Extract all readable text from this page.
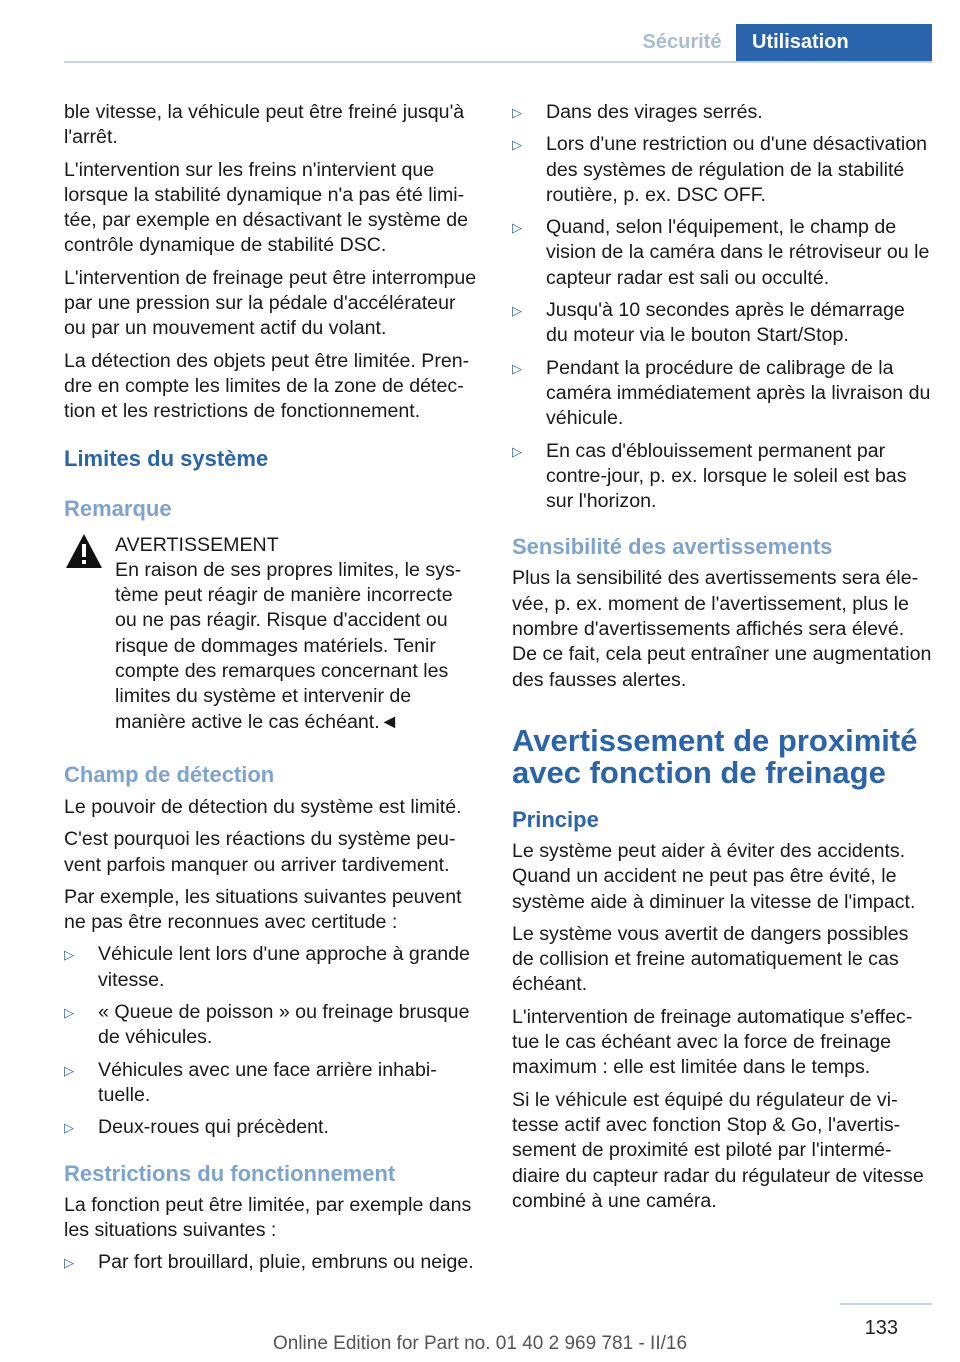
Sécurité	Utilisation

ble vitesse, la véhicule peut être freiné jusqu'à l'arrêt.

L'intervention sur les freins n'intervient que lorsque la stabilité dynamique n'a pas été limitée, par exemple en désactivant le système de contrôle dynamique de stabilité DSC.

L'intervention de freinage peut être interrompue par une pression sur la pédale d'accélérateur ou par un mouvement actif du volant.

La détection des objets peut être limitée. Prendre en compte les limites de la zone de détection et les restrictions de fonctionnement.

Limites du système
Remarque
AVERTISSEMENT
En raison de ses propres limites, le système peut réagir de manière incorrecte ou ne pas réagir. Risque d'accident ou risque de dommages matériels. Tenir compte des remarques concernant les limites du système et intervenir de manière active le cas échéant.◄
Champ de détection

Le pouvoir de détection du système est limité.

C'est pourquoi les réactions du système peuvent parfois manquer ou arriver tardivement.

Par exemple, les situations suivantes peuvent ne pas être reconnues avec certitude :

▷ Véhicule lent lors d'une approche à grande vitesse.
▷ « Queue de poisson » ou freinage brusque de véhicules.
▷ Véhicules avec une face arrière inhabituelle.
▷ Deux-roues qui précèdent.
Restrictions du fonctionnement

La fonction peut être limitée, par exemple dans les situations suivantes :

▷ Par fort brouillard, pluie, embruns ou neige.
▷ Dans des virages serrés.
▷ Lors d'une restriction ou d'une désactivation des systèmes de régulation de la stabilité routière, p. ex. DSC OFF.
▷ Quand, selon l'équipement, le champ de vision de la caméra dans le rétroviseur ou le capteur radar est sali ou occulté.
▷ Jusqu'à 10 secondes après le démarrage du moteur via le bouton Start/Stop.
▷ Pendant la procédure de calibrage de la caméra immédiatement après la livraison du véhicule.
▷ En cas d'éblouissement permanent par contre-jour, p. ex. lorsque le soleil est bas sur l'horizon.
Sensibilité des avertissements

Plus la sensibilité des avertissements sera élevée, p. ex. moment de l'avertissement, plus le nombre d'avertissements affichés sera élevé. De ce fait, cela peut entraîner une augmentation des fausses alertes.

Avertissement de proximité avec fonction de freinage
Principe

Le système peut aider à éviter des accidents. Quand un accident ne peut pas être évité, le système aide à diminuer la vitesse de l'impact.

Le système vous avertit de dangers possibles de collision et freine automatiquement le cas échéant.

L'intervention de freinage automatique s'effectue le cas échéant avec la force de freinage maximum : elle est limitée dans le temps.

Si le véhicule est équipé du régulateur de vitesse actif avec fonction Stop & Go, l'avertissement de proximité est piloté par l'intermédiaire du capteur radar du régulateur de vitesse combiné à une caméra.

133
Online Edition for Part no. 01 40 2 969 781 - II/16
